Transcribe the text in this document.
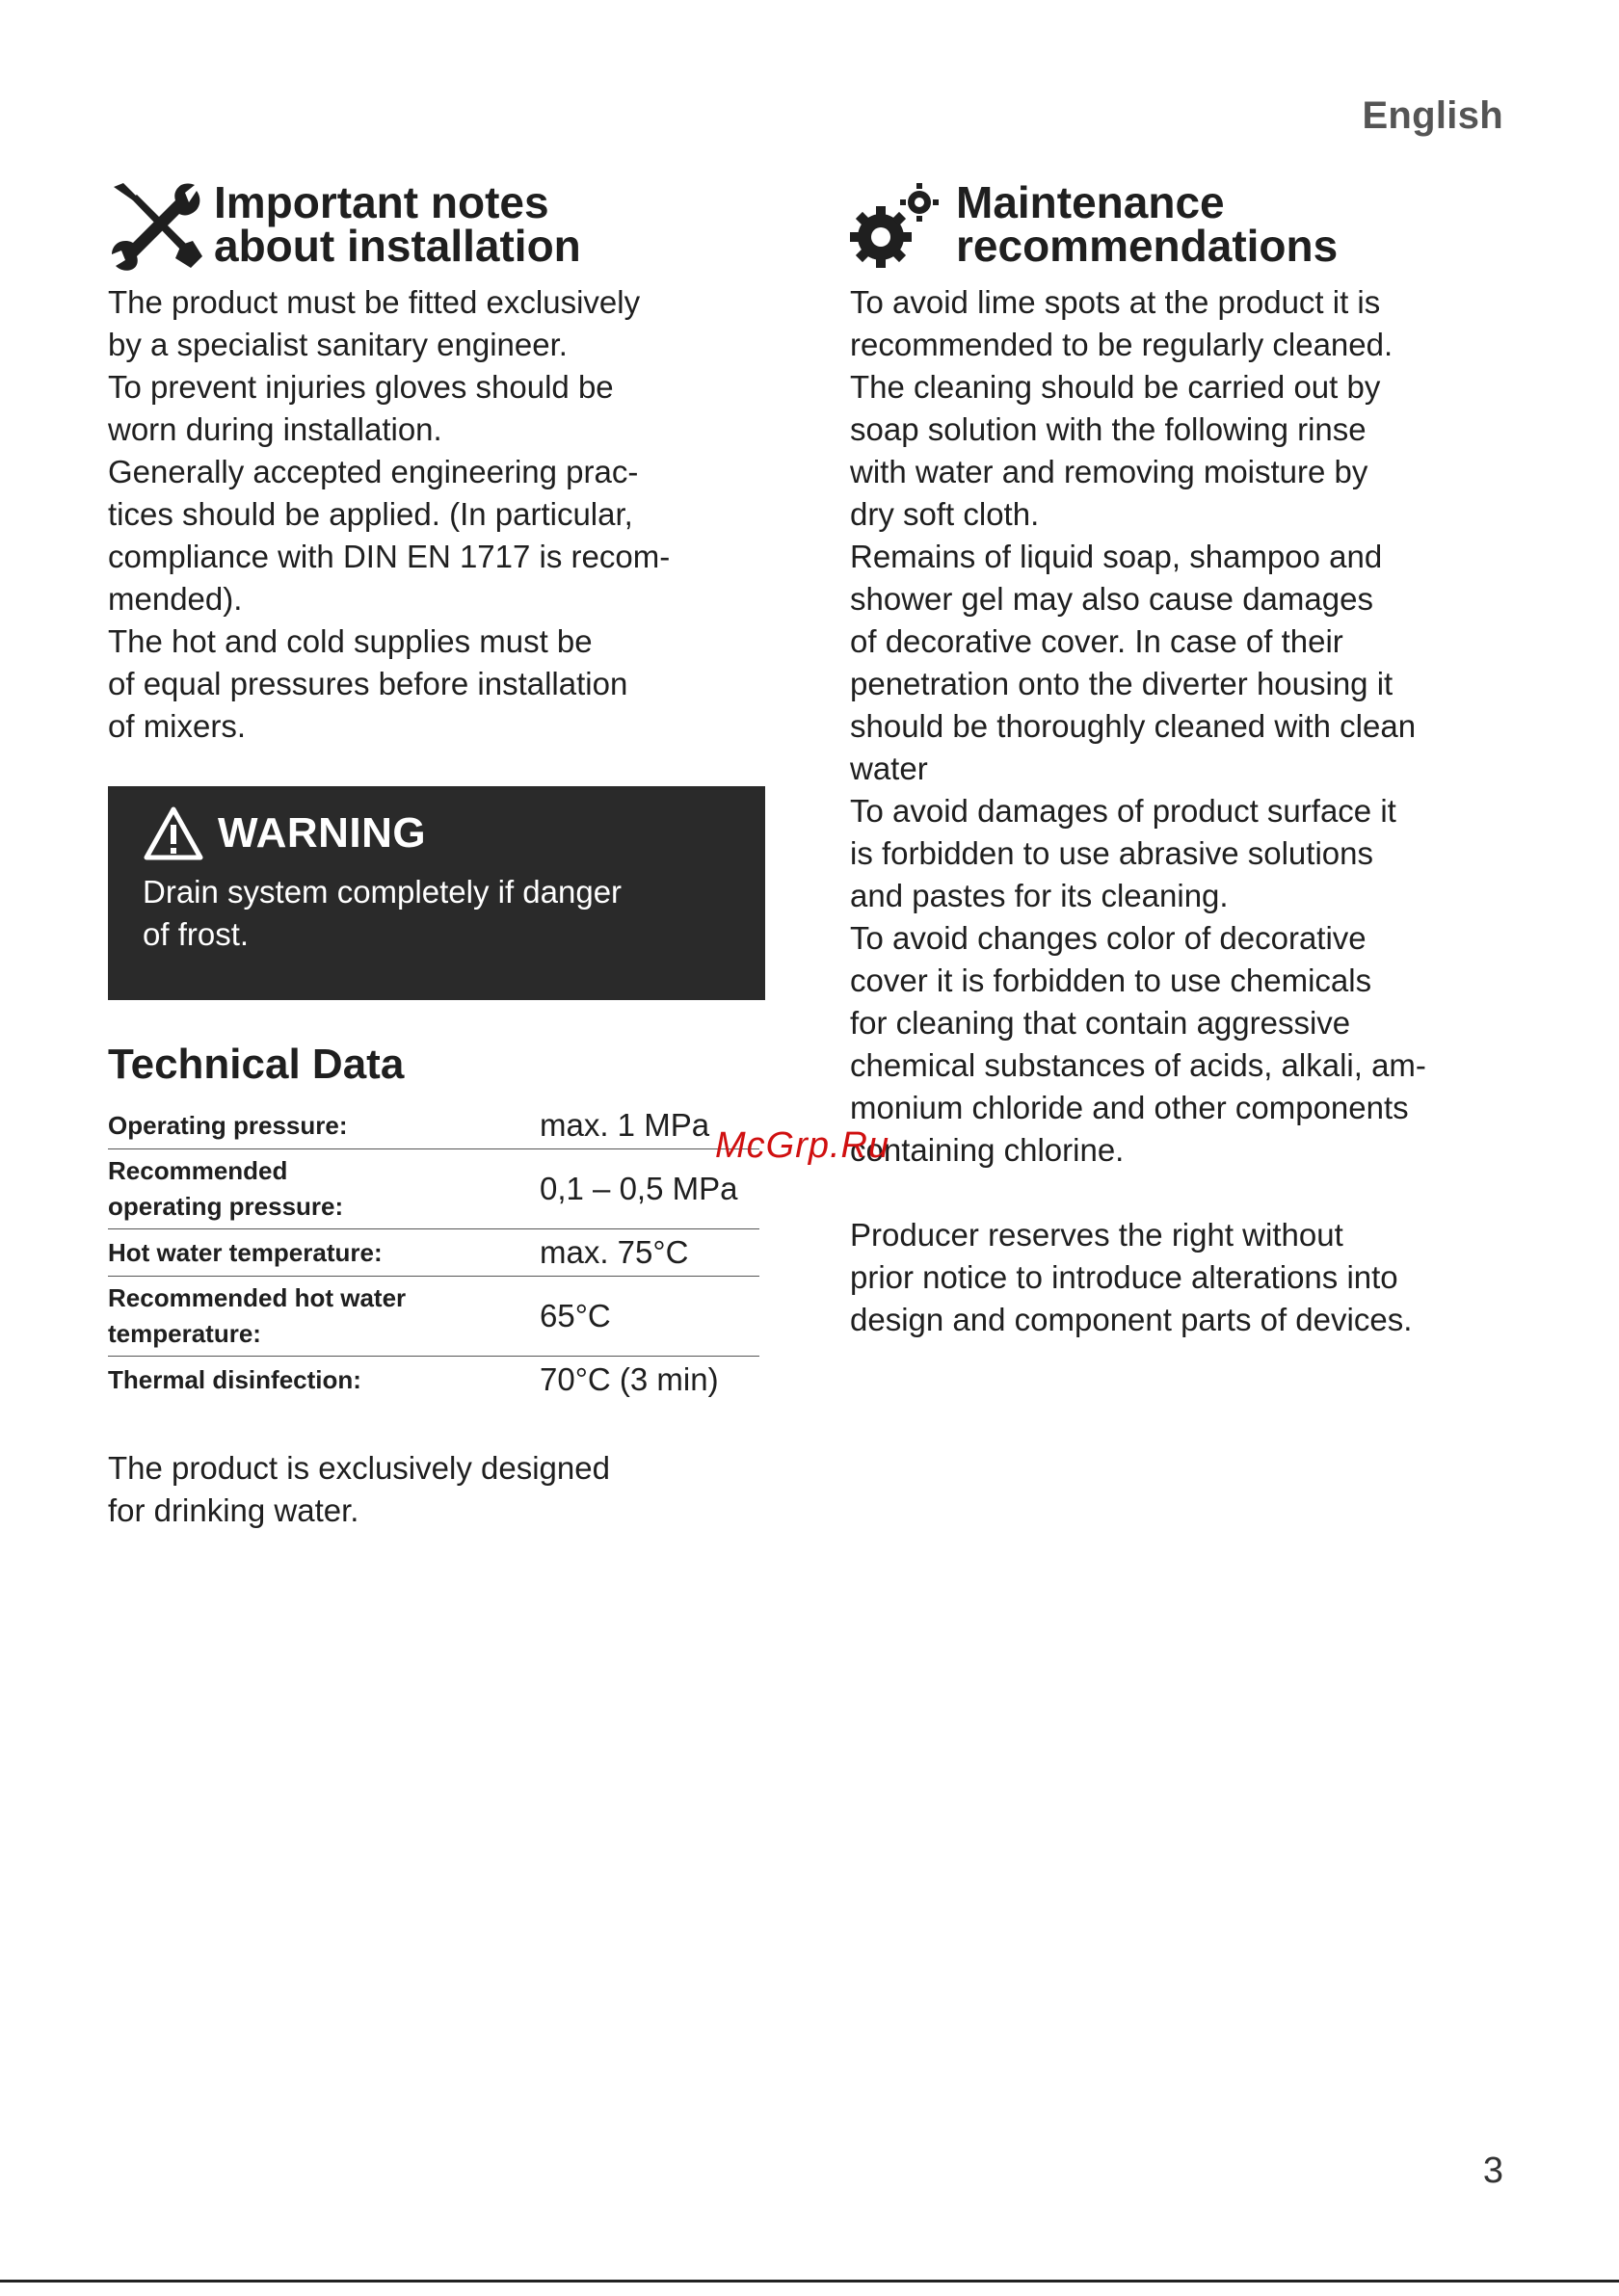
English
Important notes
about installation
The product must be fitted exclusively
by a specialist sanitary engineer.
To prevent injuries gloves should be
worn during installation.
Generally accepted engineering prac-
tices should be applied. (In particular,
compliance with DIN EN 1717 is recom-
mended).
The hot and cold supplies must be
of equal pressures before installation
of mixers.
WARNING
Drain system completely if danger
of frost.
Technical Data
Operating pressure:	max. 1 MPa

Recommended
operating pressure:	0,1 – 0,5 MPa

Hot water temperature:	max. 75°C

Recommended hot water
temperature:	65°C

Thermal disinfection:	70°C (3 min)
The product is exclusively designed
for drinking water.
Maintenance
recommendations
To avoid lime spots at the product it is
recommended to be regularly cleaned.
The cleaning should be carried out by
soap solution with the following rinse
with water and removing moisture by
dry soft cloth.
Remains of liquid soap, shampoo and
shower gel may also cause damages
of decorative cover. In case of their
penetration onto the diverter housing it
should be thoroughly cleaned with clean
water
To avoid damages of product surface it
is forbidden to use abrasive solutions
and pastes for its cleaning.
To avoid changes color of decorative
cover it is forbidden to use chemicals
for cleaning that contain aggressive
chemical substances of acids, alkali, am-
monium chloride and other components
containing chlorine.
Producer reserves the right without
prior notice to introduce alterations into
design and component parts of devices.
McGrp.Ru
3
